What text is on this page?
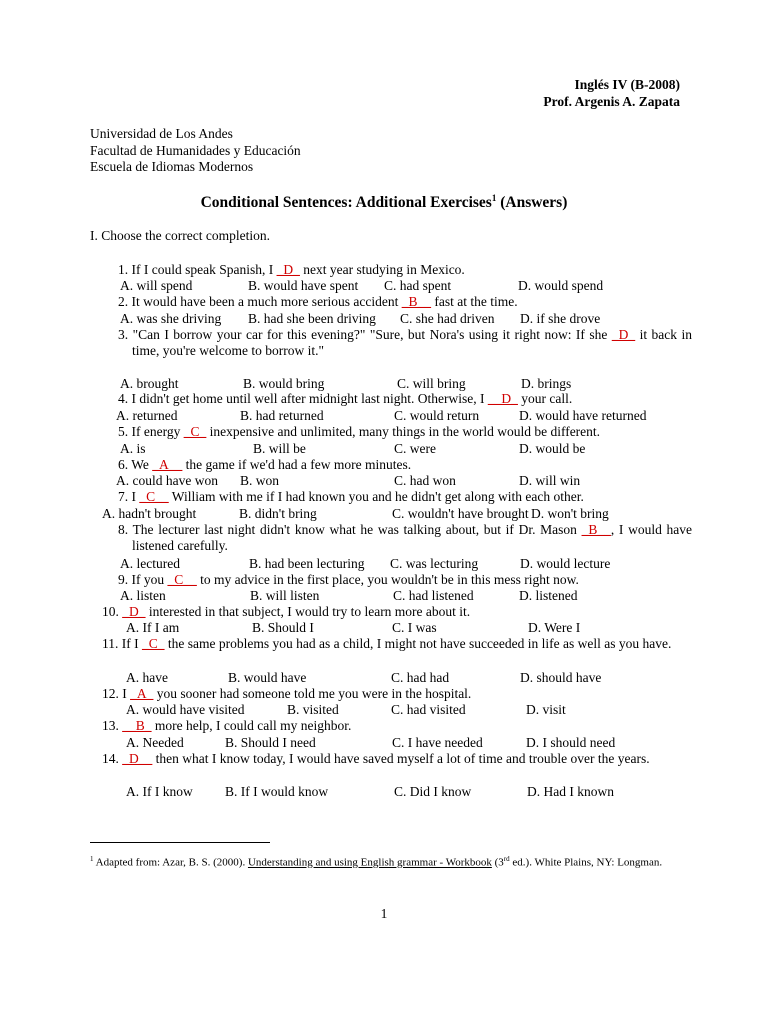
Inglés IV (B-2008)
Prof. Argenis A. Zapata
Universidad de Los Andes
Facultad de Humanidades y Educación
Escuela de Idiomas Modernos
Conditional Sentences: Additional Exercises$^1$ (Answers)
I. Choose the correct completion.
1. If I could speak Spanish, I _D_ next year studying in Mexico.
A. will spend	B. would have spent C. had spent	D. would spend
2. It would have been a much more serious accident _B__ fast at the time.
A. was she driving B. had she been driving C. she had driven D. if she drove
3. "Can I borrow your car for this evening?" "Sure, but Nora's using it right now: If she _D_ it back in time, you're welcome to borrow it."
A. brought	B. would bring	C. will bring	D. brings
4. I didn't get home until well after midnight last night. Otherwise, I __D_ your call.
A. returned	B. had returned	C. would return	D. would have returned
5. If energy _C_ inexpensive and unlimited, many things in the world would be different.
A. is	B. will be	C. were	D. would be
6. We _A__ the game if we'd had a few more minutes.
A. could have won B. won	C. had won	D. will win
7. I _C__ William with me if I had known you and he didn't get along with each other.
A. hadn't brought	B. didn't bring	C. wouldn't have brought D. won't bring
8. The lecturer last night didn't know what he was talking about, but if Dr. Mason _B__, I would have listened carefully.
A. lectured	B. had been lecturing C. was lecturing	D. would lecture
9. If you _C__ to my advice in the first place, you wouldn't be in this mess right now.
A. listen	B. will listen	C. had listened	D. listened
10. _D_ interested in that subject, I would try to learn more about it.
A. If I am	B. Should I	C. I was	D. Were I
11. If I _C_ the same problems you had as a child, I might not have succeeded in life as well as you have.
A. have	B. would have	C. had had	D. should have
12. I _A_ you sooner had someone told me you were in the hospital.
A. would have visited	B. visited	C. had visited	D. visit
13. __B_ more help, I could call my neighbor.
A. Needed	B. Should I need	C. I have needed	D. I should need
14. _D__ then what I know today, I would have saved myself a lot of time and trouble over the years.
A. If I know B. If I would know	C. Did I know	D. Had I known
$^1$ Adapted from: Azar, B. S. (2000). Understanding and using English grammar - Workbook (3rd ed.). White Plains, NY: Longman.
1
